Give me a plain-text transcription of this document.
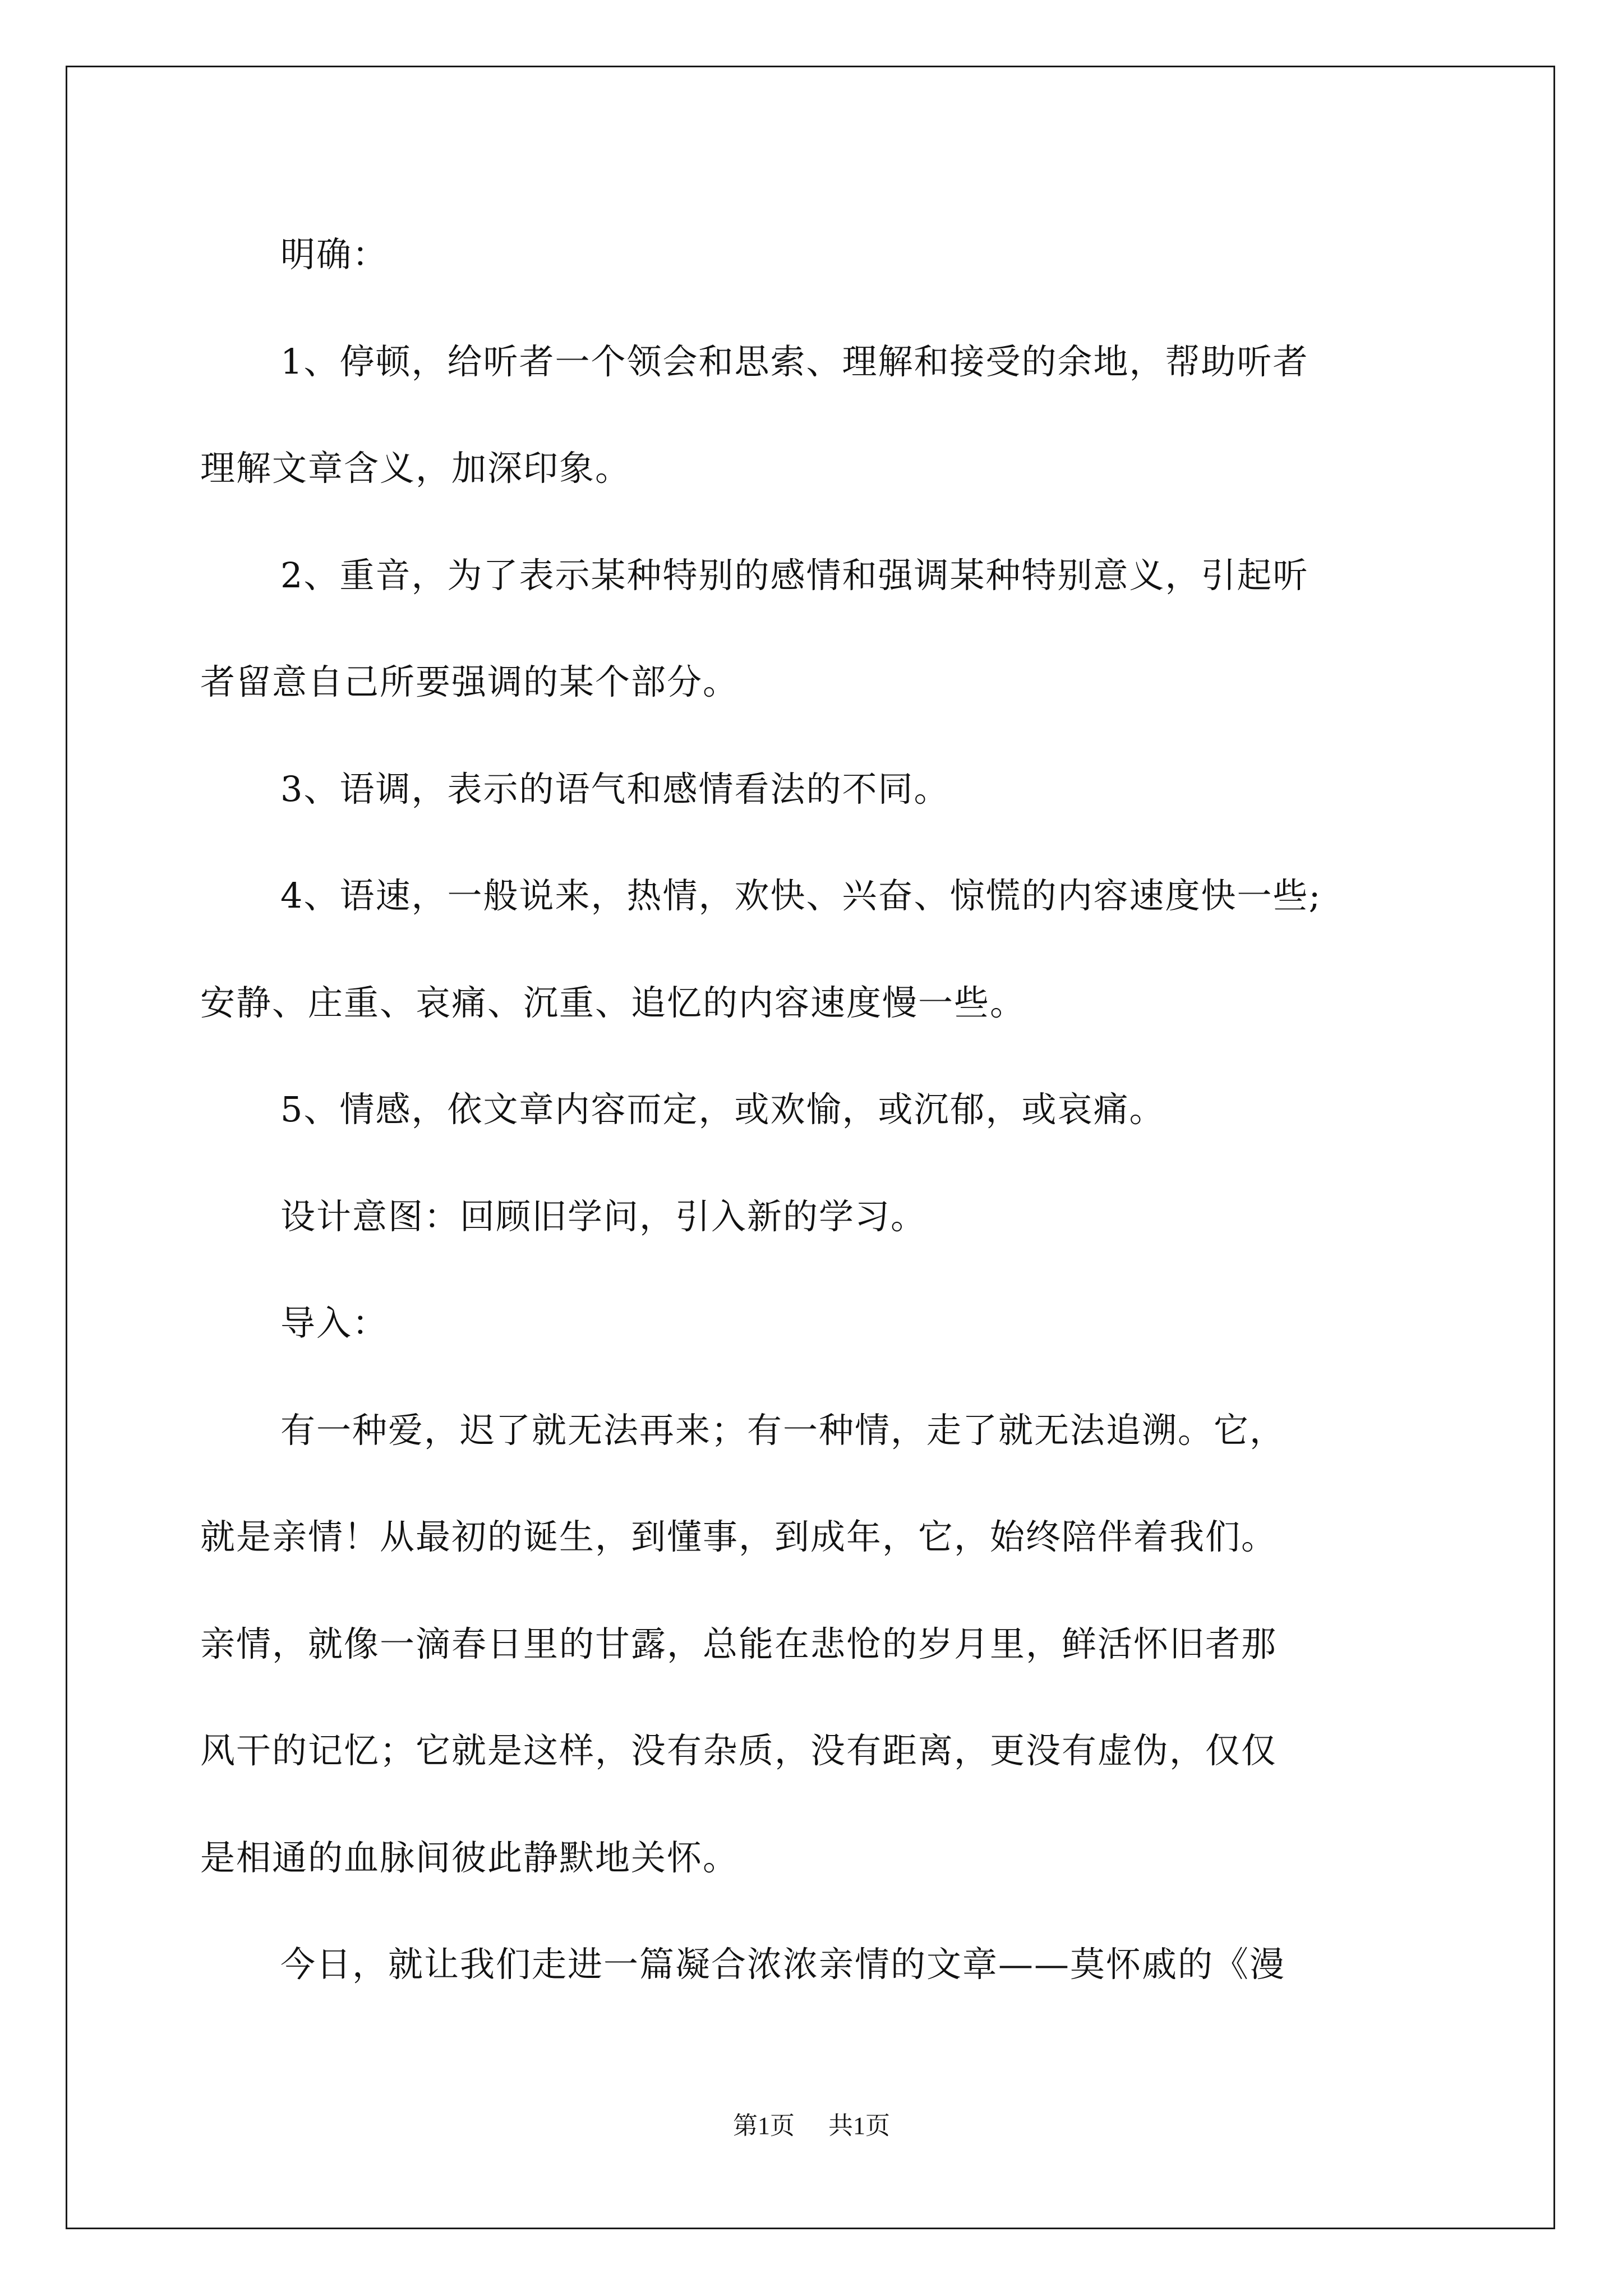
明确：
1、停顿，给听者一个领会和思索、理解和接受的余地，帮助听者
理解文章含义，加深印象。
2、重音，为了表示某种特别的感情和强调某种特别意义，引起听
者留意自己所要强调的某个部分。
3、语调，表示的语气和感情看法的不同。
4、语速，一般说来，热情，欢快、兴奋、惊慌的内容速度快一些;
安静、庄重、哀痛、沉重、追忆的内容速度慢一些。
5、情感，依文章内容而定，或欢愉，或沉郁，或哀痛。
设计意图：回顾旧学问，引入新的学习。
导入：
有一种爱，迟了就无法再来；有一种情，走了就无法追溯。它，
就是亲情！从最初的诞生，到懂事，到成年，它，始终陪伴着我们。
亲情，就像一滴春日里的甘露，总能在悲怆的岁月里，鲜活怀旧者那
风干的记忆；它就是这样，没有杂质，没有距离，更没有虚伪，仅仅
是相通的血脉间彼此静默地关怀。
今日，就让我们走进一篇凝合浓浓亲情的文章——莫怀戚的《漫
第1页 共1页
